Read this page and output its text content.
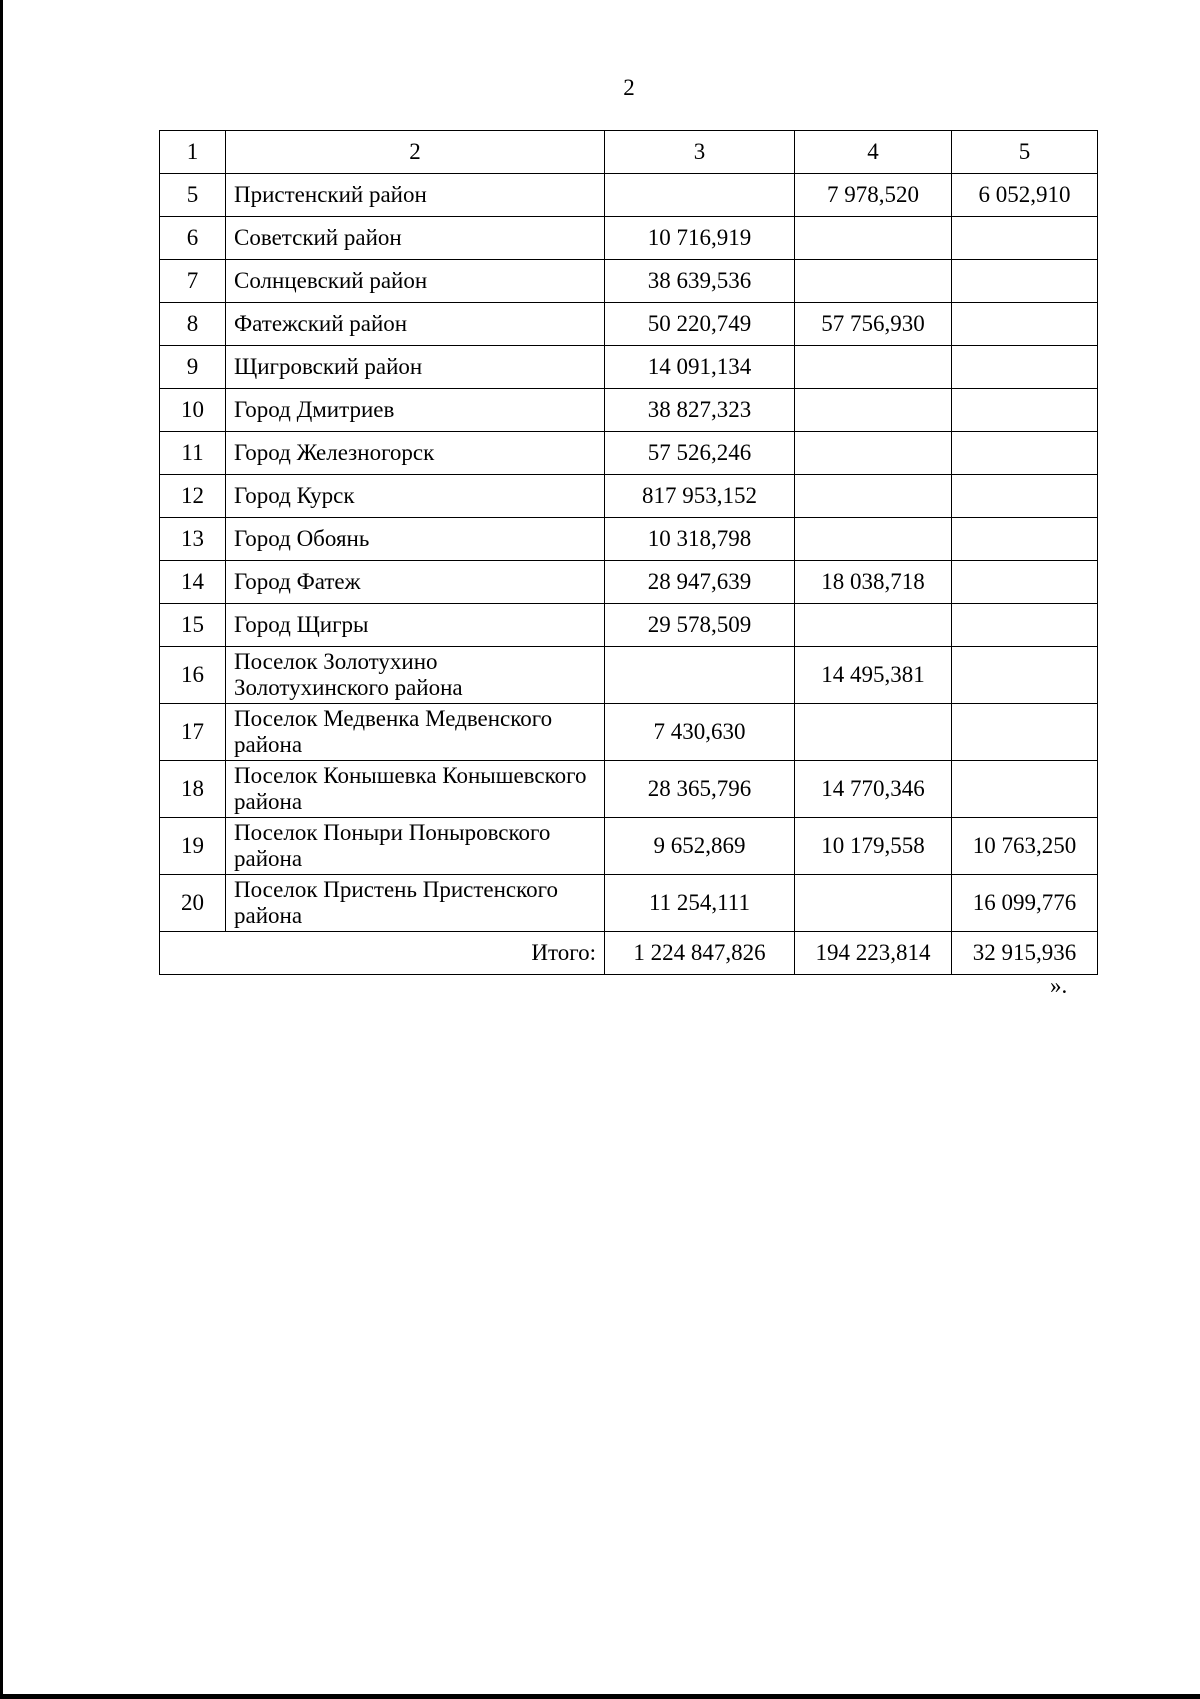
2
1	2	3	4	5
5	Пристенский район		7 978,520	6 052,910
6	Советский район	10 716,919		
7	Солнцевский район	38 639,536		
8	Фатежский район	50 220,749	57 756,930	
9	Щигровский район	14 091,134		
10	Город Дмитриев	38 827,323		
11	Город Железногорск	57 526,246		
12	Город Курск	817 953,152		
13	Город Обоянь	10 318,798		
14	Город Фатеж	28 947,639	18 038,718	
15	Город Щигры	29 578,509		
16	Поселок Золотухино Золотухинского района		14 495,381	
17	Поселок Медвенка Медвенского района	7 430,630		
18	Поселок Конышевка Конышевского района	28 365,796	14 770,346	
19	Поселок Поныри Поныровского района	9 652,869	10 179,558	10 763,250
20	Поселок Пристень Пристенского района	11 254,111		16 099,776
Итого:		1 224 847,826	194 223,814	32 915,936
».
